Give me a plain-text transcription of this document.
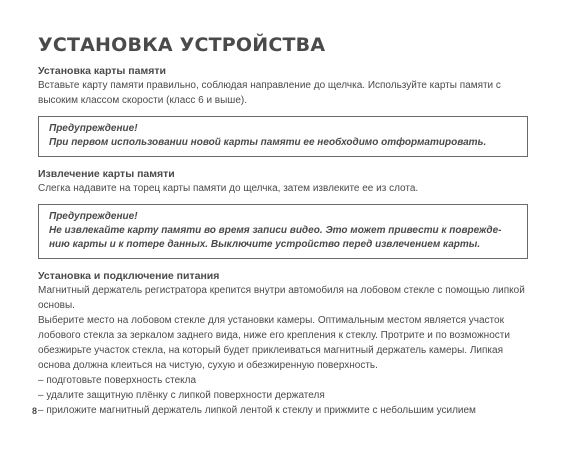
УСТАНОВКА УСТРОЙСТВА

Установка карты памяти

Вставьте карту памяти правильно, соблюдая направление до щелчка. Используйте карты памяти с высоким классом скорости (класс 6 и выше).

Предупреждение!

При первом использовании новой карты памяти ее необходимо отформатировать.

Извлечение карты памяти

Слегка надавите на торец карты памяти до щелчка, затем извлеките ее из слота.

Предупреждение!

Не извлекайте карту памяти во время записи видео. Это может привести к поврежде-нию карты и к потере данных. Выключите устройство перед извлечением карты.

Установка и подключение питания

Магнитный держатель регистратора крепится внутри автомобиля на лобовом стекле с помощью липкой основы.

Выберите место на лобовом стекле для установки камеры. Оптимальным местом является участок лобового стекла за зеркалом заднего вида, ниже его крепления к стеклу. Протрите и по возможности обезжирьте участок стекла, на который будет приклеиваться магнитный держатель камеры. Липкая основа должна клеиться на чистую, сухую и обезжиренную поверхность.

– подготовьте поверхность стекла
– удалите защитную плёнку с липкой поверхности держателя
– приложите магнитный держатель липкой лентой к стеклу и прижмите с небольшим усилием
8
